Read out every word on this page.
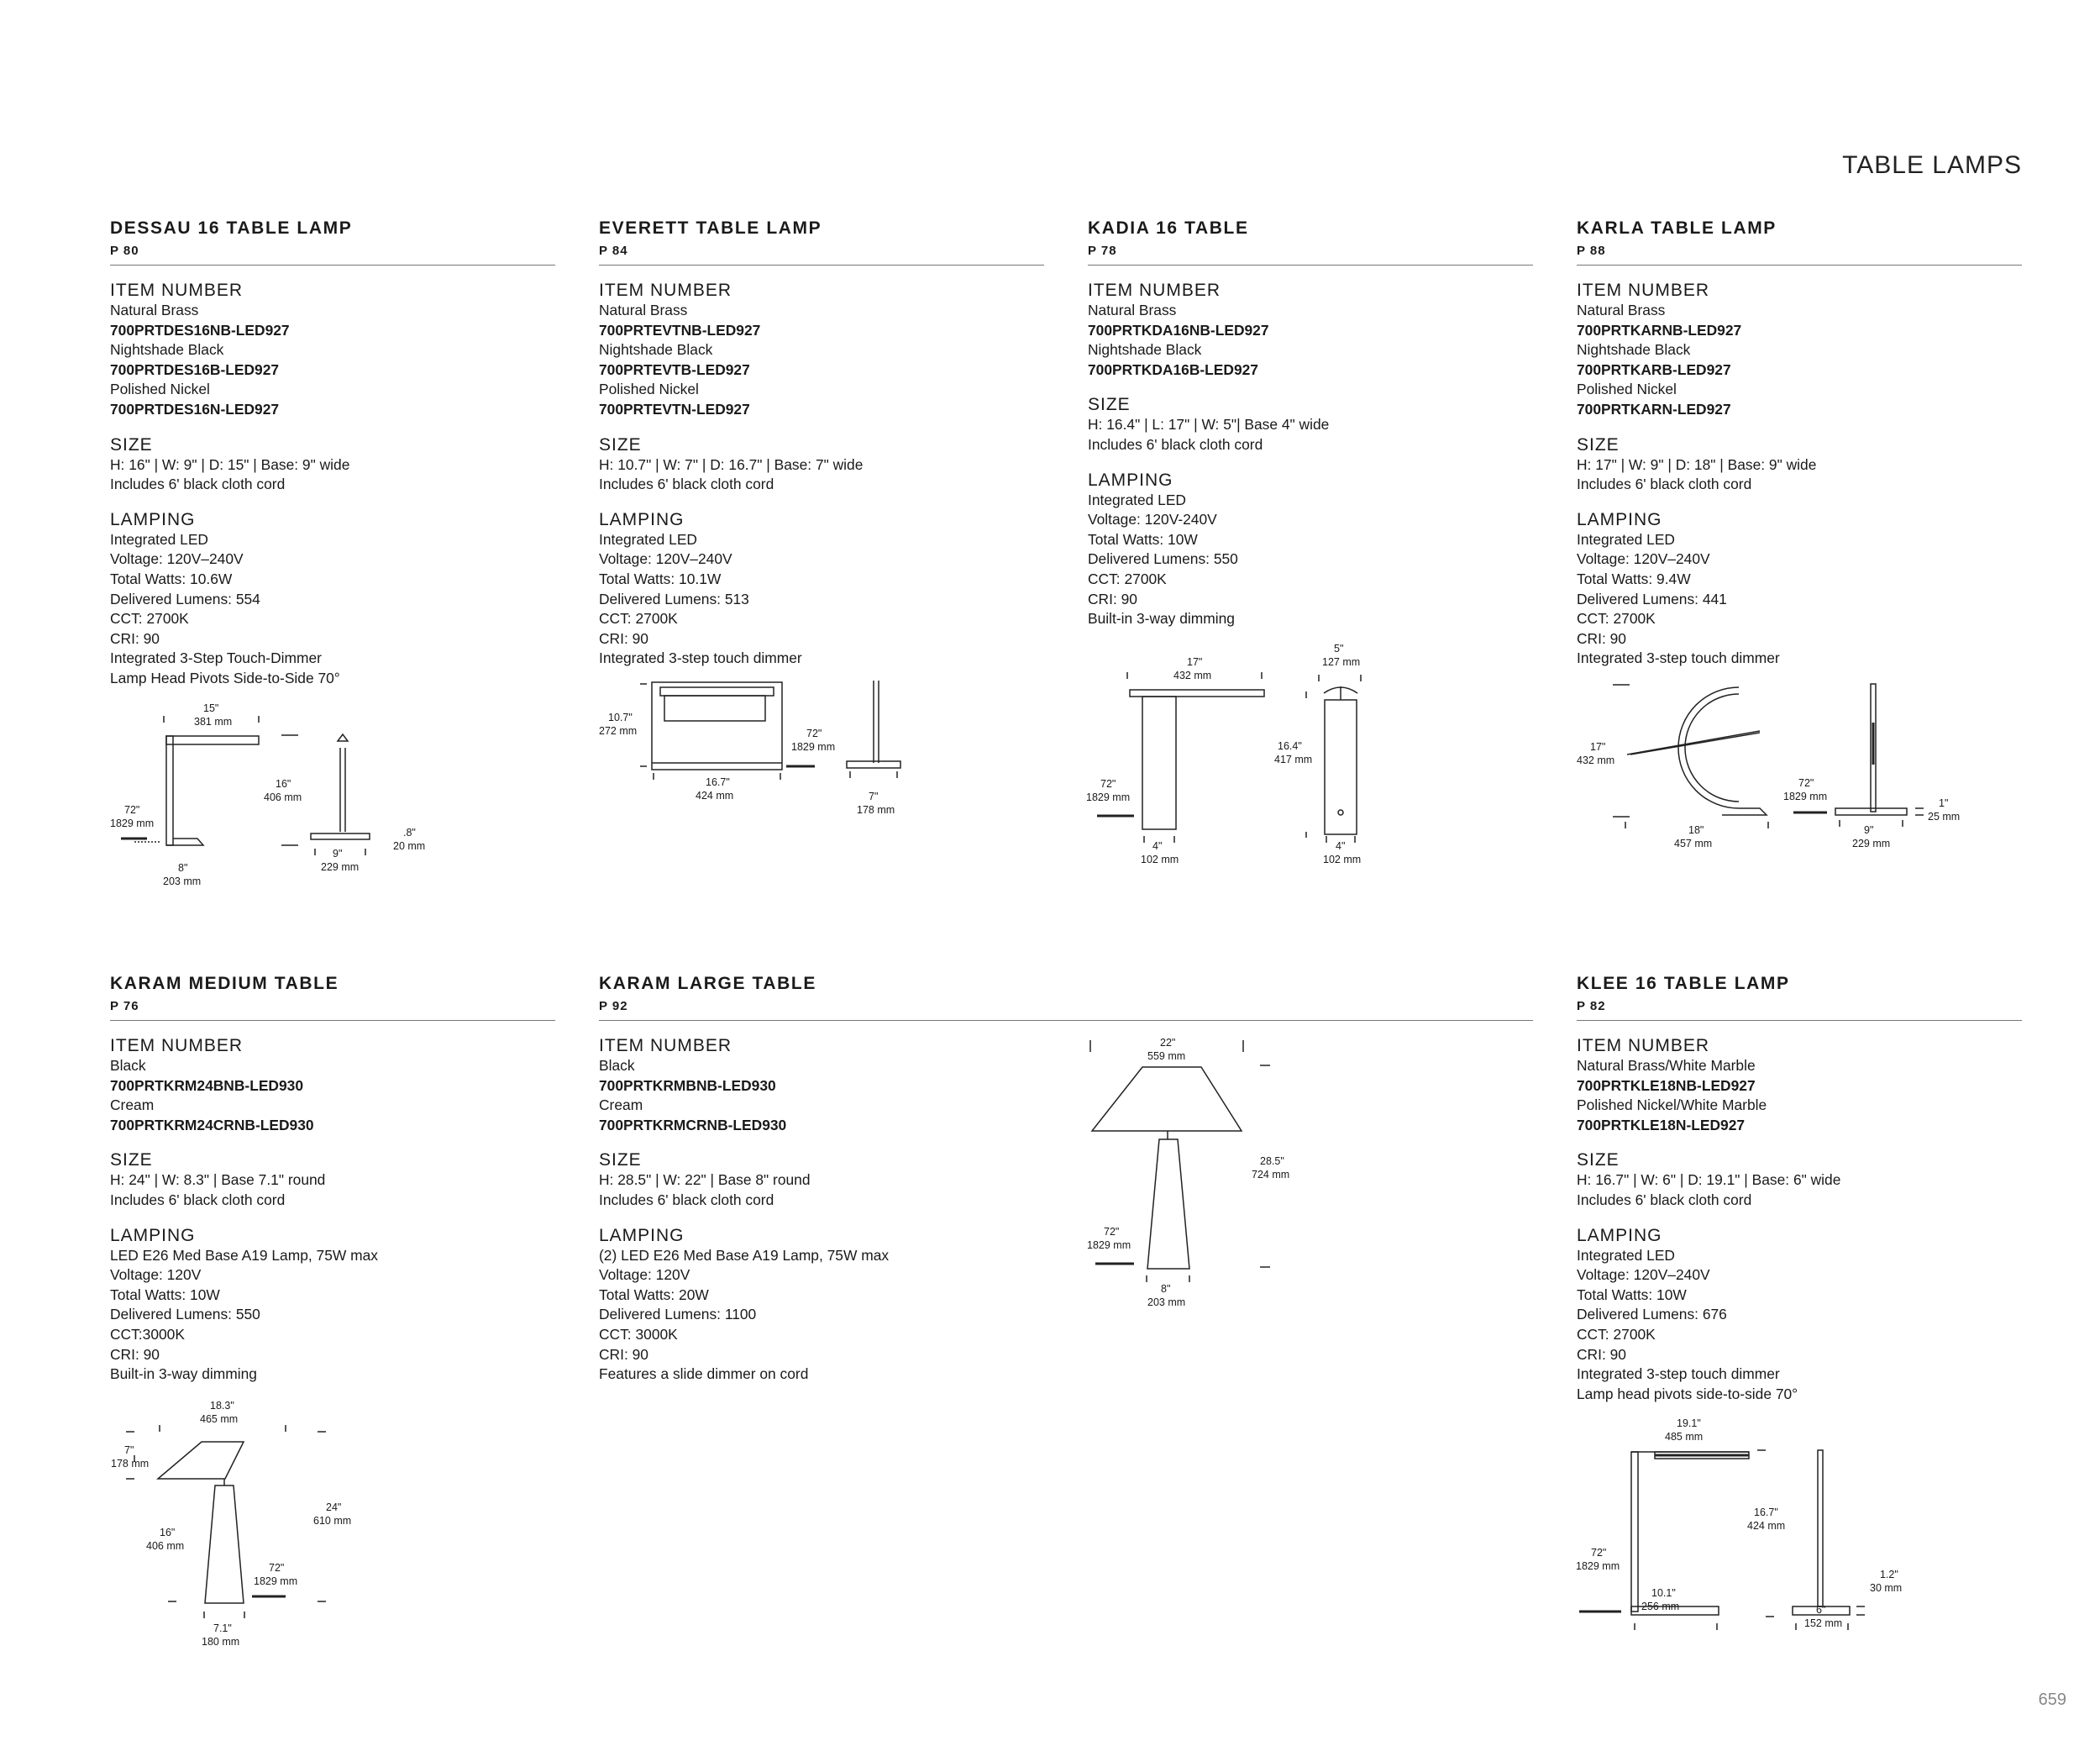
TABLE LAMPS
659
DESSAU 16 TABLE LAMP
P 80
ITEM NUMBER
Natural Brass
700PRTDES16NB-LED927
Nightshade Black
700PRTDES16B-LED927
Polished Nickel
700PRTDES16N-LED927
SIZE
H: 16" | W: 9" | D: 15" | Base: 9" wide
Includes 6' black cloth cord
LAMPING
Integrated LED
Voltage: 120V–240V
Total Watts: 10.6W
Delivered Lumens: 554
CCT: 2700K
CRI: 90
Integrated 3-Step Touch-Dimmer
Lamp Head Pivots Side-to-Side 70°
EVERETT TABLE LAMP
P 84
ITEM NUMBER
Natural Brass
700PRTEVTNB-LED927
Nightshade Black
700PRTEVTB-LED927
Polished Nickel
700PRTEVTN-LED927
SIZE
H: 10.7" | W: 7" | D: 16.7" | Base: 7" wide
Includes 6' black cloth cord
LAMPING
Integrated LED
Voltage: 120V–240V
Total Watts: 10.1W
Delivered Lumens: 513
CCT: 2700K
CRI: 90
Integrated 3-step touch dimmer
KADIA 16 TABLE
P 78
ITEM NUMBER
Natural Brass
700PRTKDA16NB-LED927
Nightshade Black
700PRTKDA16B-LED927
SIZE
H: 16.4" | L: 17" | W: 5"| Base 4" wide
Includes 6' black cloth cord
LAMPING
Integrated LED
Voltage: 120V-240V
Total Watts: 10W
Delivered Lumens: 550
CCT: 2700K
CRI: 90
Built-in 3-way dimming
KARLA TABLE LAMP
P 88
ITEM NUMBER
Natural Brass
700PRTKARNB-LED927
Nightshade Black
700PRTKARB-LED927
Polished Nickel
700PRTKARN-LED927
SIZE
H: 17" | W: 9" | D: 18" | Base: 9" wide
Includes 6' black cloth cord
LAMPING
Integrated LED
Voltage: 120V–240V
Total Watts: 9.4W
Delivered Lumens: 441
CCT: 2700K
CRI: 90
Integrated 3-step touch dimmer
KARAM MEDIUM TABLE
P 76
ITEM NUMBER
Black
700PRTKRM24BNB-LED930
Cream
700PRTKRM24CRNB-LED930
SIZE
H: 24" | W: 8.3" | Base 7.1" round
Includes 6' black cloth cord
LAMPING
LED E26 Med Base A19 Lamp, 75W max
Voltage: 120V
Total Watts: 10W
Delivered Lumens: 550
CCT:3000K
CRI: 90
Built-in 3-way dimming
KARAM LARGE TABLE
P 92
ITEM NUMBER
Black
700PRTKRMBNB-LED930
Cream
700PRTKRMCRNB-LED930
SIZE
H: 28.5" | W: 22" | Base 8" round
Includes 6' black cloth cord
LAMPING
(2) LED E26 Med Base A19 Lamp, 75W max
Voltage: 120V
Total Watts: 20W
Delivered Lumens: 1100
CCT: 3000K
CRI: 90
Features a slide dimmer on cord
KLEE 16 TABLE LAMP
P 82
ITEM NUMBER
Natural Brass/White Marble
700PRTKLE18NB-LED927
Polished Nickel/White Marble
700PRTKLE18N-LED927
SIZE
H: 16.7" | W: 6" | D: 19.1" | Base: 6" wide
Includes 6' black cloth cord
LAMPING
Integrated LED
Voltage: 120V–240V
Total Watts: 10W
Delivered Lumens: 676
CCT: 2700K
CRI: 90
Integrated 3-step touch dimmer
Lamp head pivots side-to-side 70°
15"
381 mm
16"
406 mm
72"
1829 mm
8"
203 mm
9"
229 mm
.8"
20 mm
10.7"
272 mm	72"
1829 mm
16.7"
424 mm	7"
178 mm
17"
432 mm
5"
127 mm
16.4"
417 mm
72"
1829 mm
4"
102 mm
4"
102 mm
17"
432 mm
72"
1829 mm
1"
25 mm
18"
457 mm
9"
229 mm
18.3"
465 mm
7"
178 mm
24"
610 mm
16"
406 mm
72"
1829 mm
7.1"
180 mm
22"
559 mm
28.5"
724 mm
72"
1829 mm
8"
203 mm
19.1"
485 mm
16.7"
424 mm
72"
1829 mm
1.2"
30 mm
10.1"
256 mm	6"
152 mm
